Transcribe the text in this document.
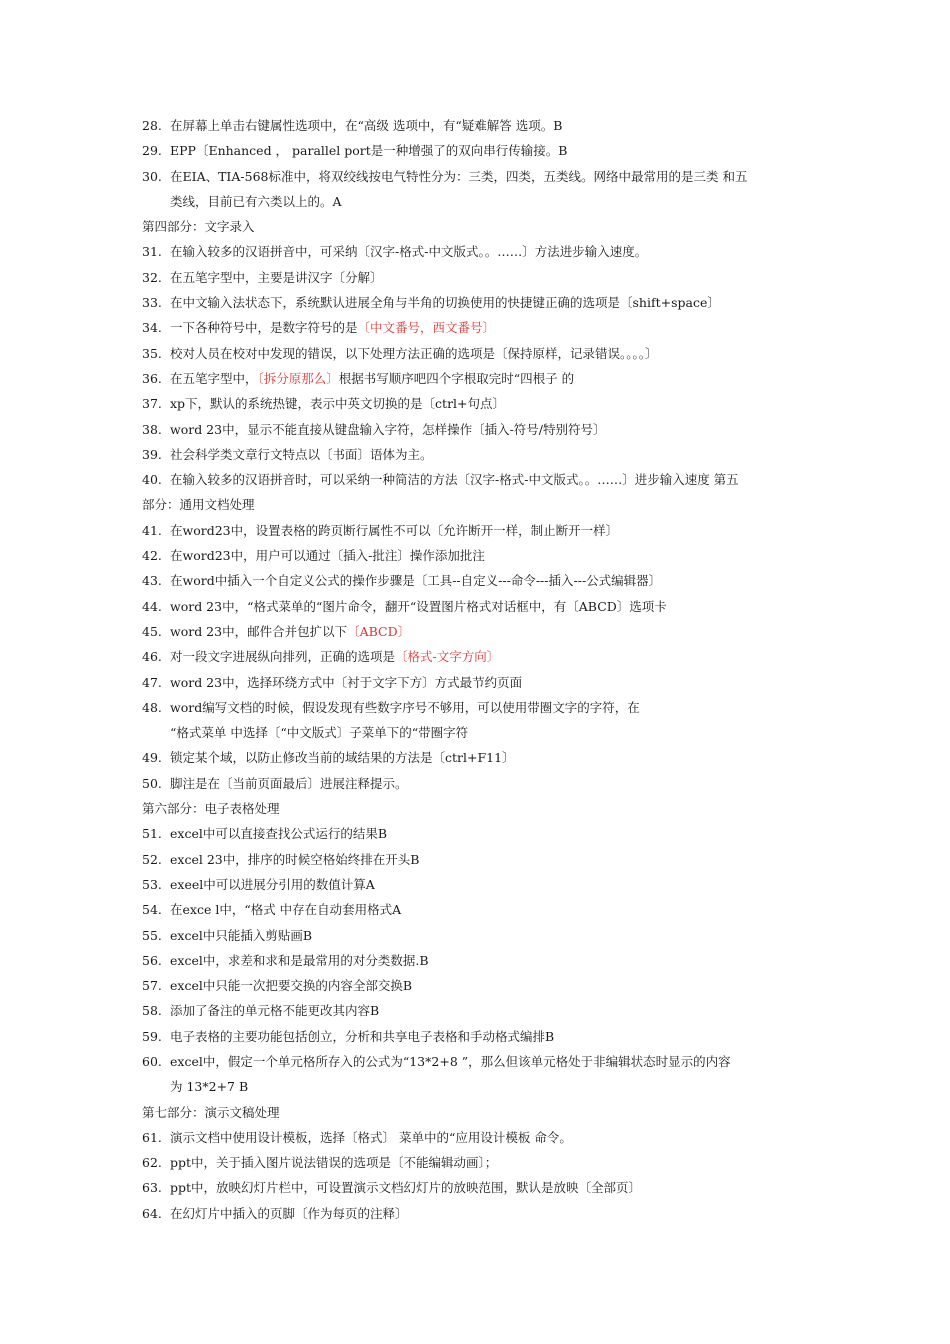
28. 在屏幕上单击右键属性选项中，在“高级 选项中，有“疑难解答 选项。B
29. EPP〔Enhanced ， parallel port是一种增强了的双向串行传输接。B
30. 在EIA、TIA-568标准中，将双绞线按电气特性分为：三类，四类，五类线。网络中最常用的是三类 和五
类线，目前已有六类以上的。A
第四部分：文字录入
31. 在输入较多的汉语拼音中，可采纳〔汉字-格式-中文版式。。……〕方法进步输入速度。
32. 在五笔字型中，主要是讲汉字〔分解〕
33. 在中文输入法状态下，系统默认进展全角与半角的切换使用的快捷键正确的选项是〔shift+space〕
34. 一下各种符号中，是数字符号的是〔中文番号，西文番号〕
35. 校对人员在校对中发现的错误，以下处理方法正确的选项是〔保持原样，记录错误。。。。〕
36. 在五笔字型中，〔拆分原那么〕根据书写顺序吧四个字根取完时“四根子 的
37. xp下，默认的系统热键，表示中英文切换的是〔ctrl+句点〕
38. word 23中，显示不能直接从键盘输入字符，怎样操作〔插入-符号/特别符号〕
39. 社会科学类文章行文特点以〔书面〕语体为主。
40. 在输入较多的汉语拼音时，可以采纳一种简洁的方法〔汉字-格式-中文版式。。……〕进步输入速度 第五
部分：通用文档处理
41. 在word23中，设置表格的跨页断行属性不可以〔允许断开一样，制止断开一样〕
42. 在word23中，用户可以通过〔插入-批注〕操作添加批注
43. 在word中插入一个自定义公式的操作步骤是〔工具--自定义---命令---插入---公式编辑器〕
44. word 23中，“格式菜单的“图片命令，翻开“设置图片格式对话框中，有〔ABCD〕选项卡
45. word 23中，邮件合并包扩以下〔ABCD〕
46. 对一段文字进展纵向排列，正确的选项是〔格式-文字方向〕
47. word 23中，选择环绕方式中〔衬于文字下方〕方式最节约页面
48. word编写文档的时候，假设发现有些数字序号不够用，可以使用带圈文字的字符，在
“格式菜单 中选择〔“中文版式〕子菜单下的“带圈字符
49. 锁定某个域，以防止修改当前的域结果的方法是〔ctrl+F11〕
50. 脚注是在〔当前页面最后〕进展注释提示。
第六部分：电子表格处理
51. excel中可以直接查找公式运行的结果B
52. excel 23中，排序的时候空格始终排在开头B
53. exeel中可以进展分引用的数值计算A
54. 在exce l中，“格式 中存在自动套用格式A
55. excel中只能插入剪贴画B
56. excel中，求差和求和是最常用的对分类数据.B
57. excel中只能一次把要交换的内容全部交换B
58. 添加了备注的单元格不能更改其内容B
59. 电子表格的主要功能包括创立，分析和共享电子表格和手动格式编排B
60. excel中，假定一个单元格所存入的公式为“13*2+8 ”，那么但该单元格处于非编辑状态时显示的内容
为 13*2+7 B
第七部分：演示文稿处理
61. 演示文档中使用设计模板，选择〔格式〕 菜单中的“应用设计模板 命令。
62. ppt中，关于插入图片说法错误的选项是〔不能编辑动画〕；
63. ppt中，放映幻灯片栏中，可设置演示文档幻灯片的放映范围，默认是放映〔全部页〕
64. 在幻灯片中插入的页脚〔作为每页的注释〕
